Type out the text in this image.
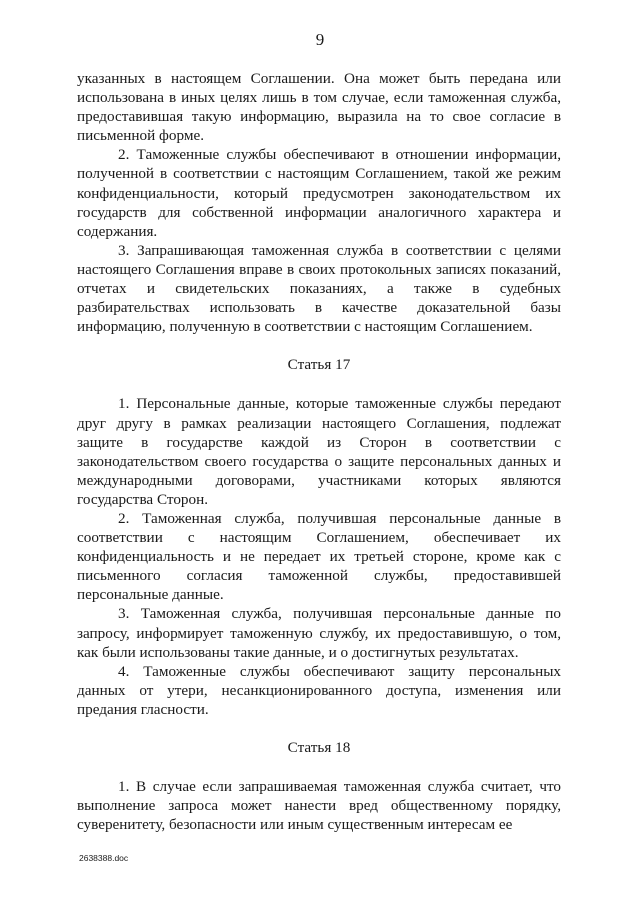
9

указанных в настоящем Соглашении. Она может быть передана или использована в иных целях лишь в том случае, если таможенная служба, предоставившая такую информацию, выразила на то свое согласие в письменной форме.

2. Таможенные службы обеспечивают в отношении информации, полученной в соответствии с настоящим Соглашением, такой же режим конфиденциальности, который предусмотрен законодательством их государств для собственной информации аналогичного характера и содержания.

3. Запрашивающая таможенная служба в соответствии с целями настоящего Соглашения вправе в своих протокольных записях показаний, отчетах и свидетельских показаниях, а также в судебных разбирательствах использовать в качестве доказательной базы информацию, полученную в соответствии с настоящим Соглашением.

Статья 17

1. Персональные данные, которые таможенные службы передают друг другу в рамках реализации настоящего Соглашения, подлежат защите в государстве каждой из Сторон в соответствии с законодательством своего государства о защите персональных данных и международными договорами, участниками которых являются государства Сторон.

2. Таможенная служба, получившая персональные данные в соответствии с настоящим Соглашением, обеспечивает их конфиденциальность и не передает их третьей стороне, кроме как с письменного согласия таможенной службы, предоставившей персональные данные.

3. Таможенная служба, получившая персональные данные по запросу, информирует таможенную службу, их предоставившую, о том, как были использованы такие данные, и о достигнутых результатах.

4. Таможенные службы обеспечивают защиту персональных данных от утери, несанкционированного доступа, изменения или предания гласности.

Статья 18

1. В случае если запрашиваемая таможенная служба считает, что выполнение запроса может нанести вред общественному порядку, суверенитету, безопасности или иным существенным интересам ее

2638388.doc
